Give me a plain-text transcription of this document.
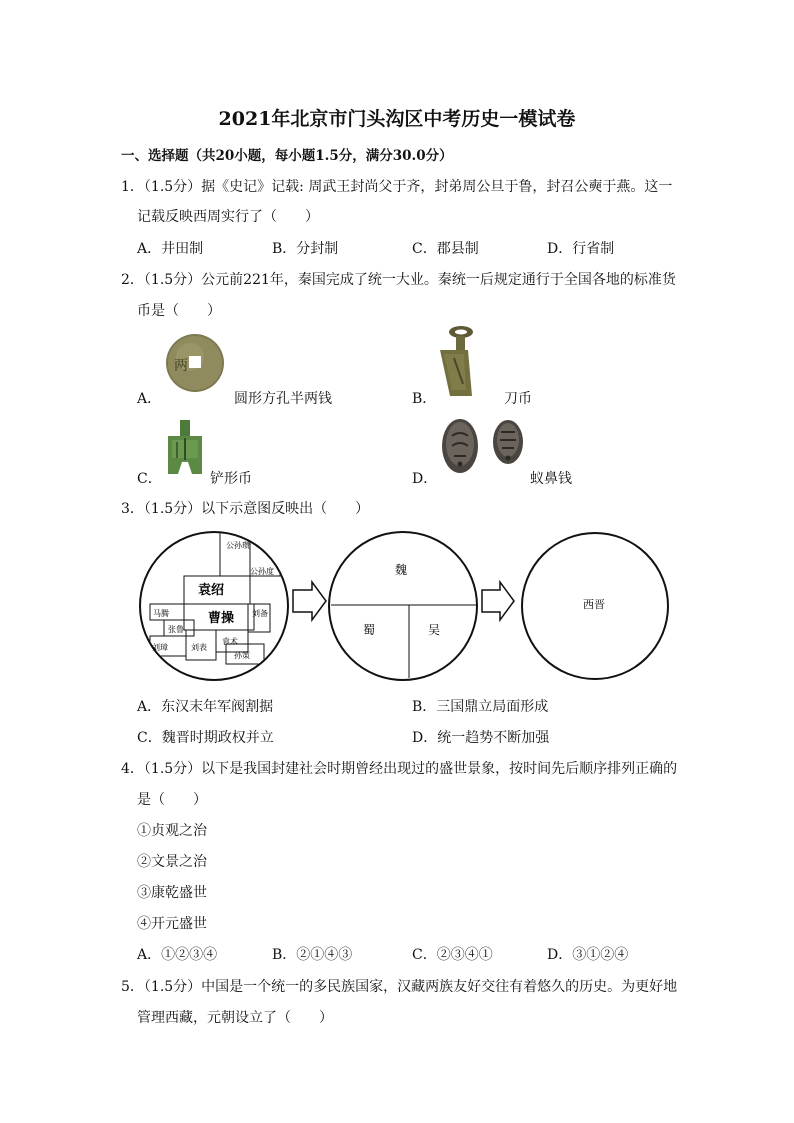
2021年北京市门头沟区中考历史一模试卷
一、选择题（共20小题，每小题1.5分，满分30.0分）
1．（1.5分）据《史记》记载: 周武王封尚父于齐，封弟周公旦于鲁，封召公奭于燕。这一
记载反映西周实行了（　　）
A．井田制	B．分封制	C．郡县制	D．行省制
2．（1.5分）公元前221年，秦国完成了统一大业。秦统一后规定通行于全国各地的标准货
币是（　　）
A．
两
圆形方孔半两钱	B．	刀币
C．	铲形币	D．	蚁鼻钱
3．（1.5分）以下示意图反映出（　　）
公孙瓒
公孙度
袁绍
曹操
马腾
张鲁
刘备
刘璋	刘表
袁术
孙策
魏
蜀	吴
西晋
A．东汉末年军阀割据	B．三国鼎立局面形成
C．魏晋时期政权并立	D．统一趋势不断加强
4．（1.5分）以下是我国封建社会时期曾经出现过的盛世景象，按时间先后顺序排列正确的
是（　　）
①贞观之治
②文景之治
③康乾盛世
④开元盛世
A．①②③④	B．②①④③	C．②③④①	D．③①②④
5．（1.5分）中国是一个统一的多民族国家，汉藏两族友好交往有着悠久的历史。为更好地
管理西藏，元朝设立了（　　）
